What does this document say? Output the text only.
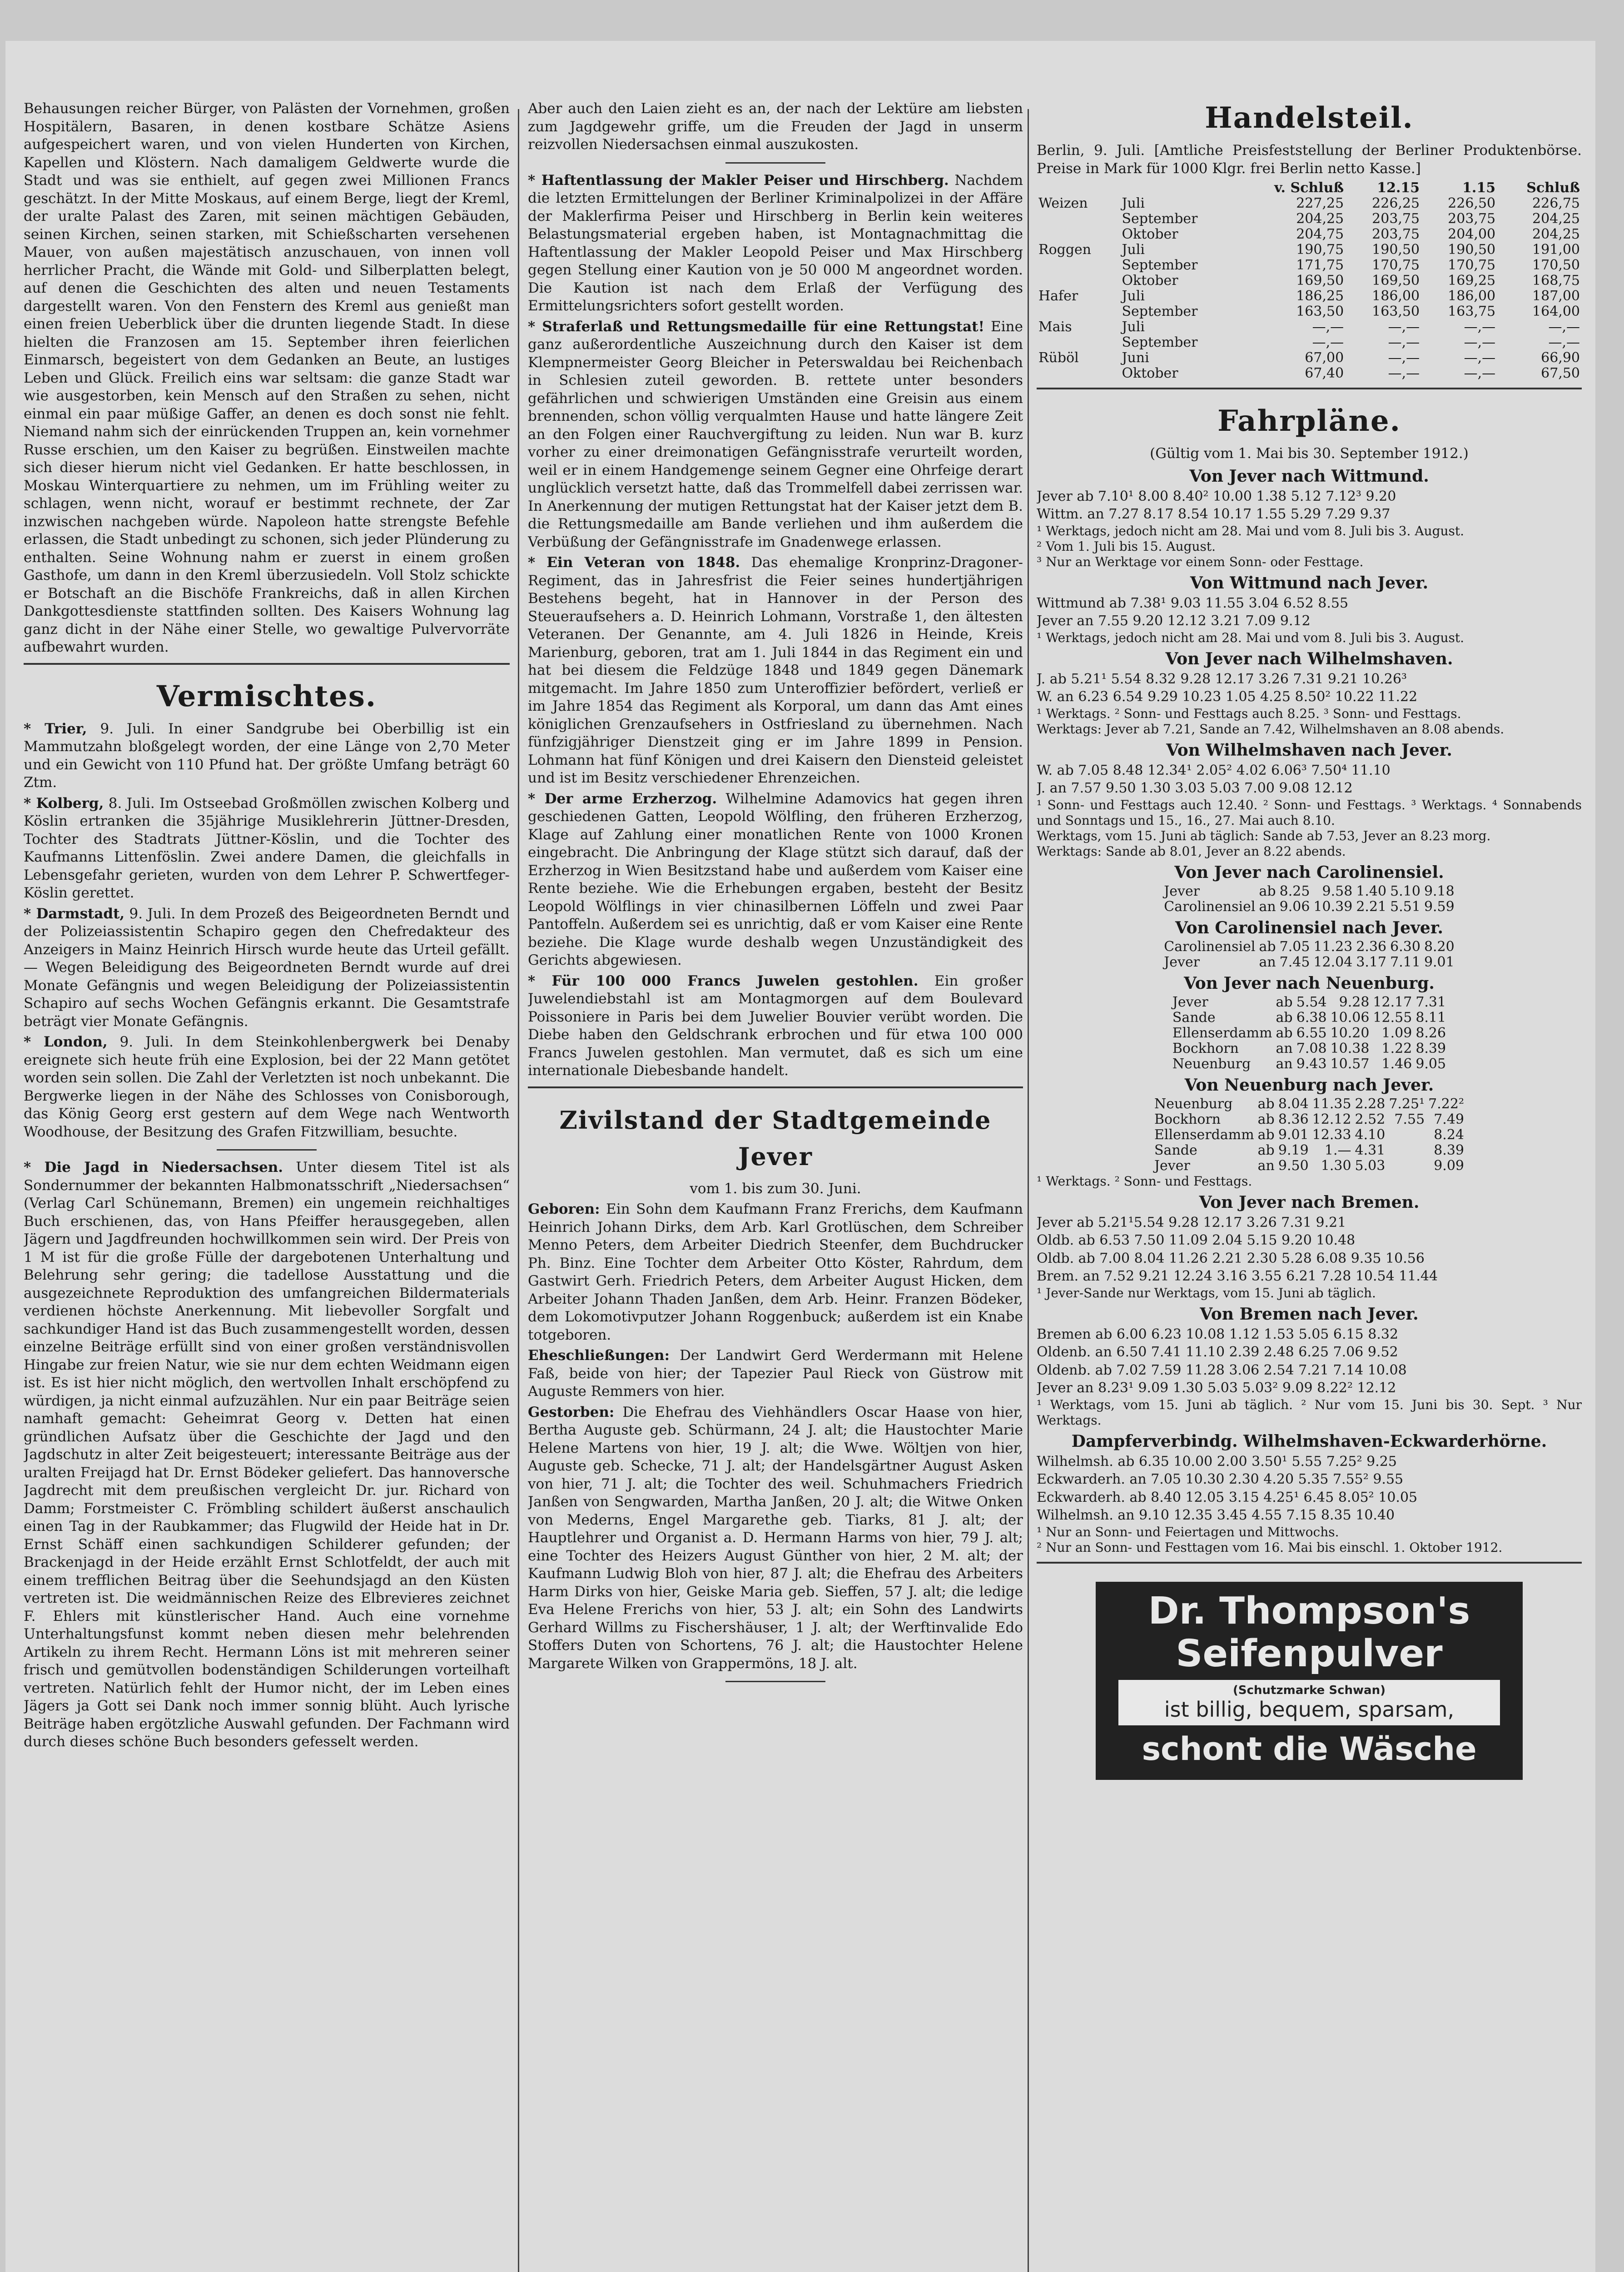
Behausungen reicher Bürger, von Palästen der Vornehmen, großen Hospitälern, Basaren, in denen kostbare Schätze Asiens aufgespeichert waren, und von vielen Hunderten von Kirchen, Kapellen und Klöstern. Nach damaligem Geldwerte wurde die Stadt und was sie enthielt, auf gegen zwei Millionen Francs geschätzt. In der Mitte Moskaus, auf einem Berge, liegt der Kreml, der uralte Palast des Zaren, mit seinen mächtigen Gebäuden, seinen Kirchen, seinen starken, mit Schießscharten versehenen Mauer, von außen majestätisch anzuschauen, von innen voll herrlicher Pracht, die Wände mit Gold- und Silberplatten belegt, auf denen die Geschichten des alten und neuen Testaments dargestellt waren. Von den Fenstern des Kreml aus genießt man einen freien Ueberblick über die drunten liegende Stadt. In diese hielten die Franzosen am 15. September ihren feierlichen Einmarsch, begeistert von dem Gedanken an Beute, an lustiges Leben und Glück. Freilich eins war seltsam: die ganze Stadt war wie ausgestorben, kein Mensch auf den Straßen zu sehen, nicht einmal ein paar müßige Gaffer, an denen es doch sonst nie fehlt. Niemand nahm sich der einrückenden Truppen an, kein vornehmer Russe erschien, um den Kaiser zu begrüßen. Einstweilen machte sich dieser hierum nicht viel Gedanken. Er hatte beschlossen, in Moskau Winterquartiere zu nehmen, um im Frühling weiter zu schlagen, wenn nicht, worauf er bestimmt rechnete, der Zar inzwischen nachgeben würde. Napoleon hatte strengste Befehle erlassen, die Stadt unbedingt zu schonen, sich jeder Plünderung zu enthalten. Seine Wohnung nahm er zuerst in einem großen Gasthofe, um dann in den Kreml überzusiedeln. Voll Stolz schickte er Botschaft an die Bischöfe Frankreichs, daß in allen Kirchen Dankgottesdienste stattfinden sollten. Des Kaisers Wohnung lag ganz dicht in der Nähe einer Stelle, wo gewaltige Pulvervorräte aufbewahrt wurden.

Vermischtes.

* Trier, 9. Juli. In einer Sandgrube bei Oberbillig ist ein Mammutzahn bloßgelegt worden, der eine Länge von 2,70 Meter und ein Gewicht von 110 Pfund hat. Der größte Umfang beträgt 60 Ztm.

* Kolberg, 8. Juli. Im Ostseebad Großmöllen zwischen Kolberg und Köslin ertranken die 35jährige Musiklehrerin Jüttner-Dresden, Tochter des Stadtrats Jüttner-Köslin, und die Tochter des Kaufmanns Littenföslin. Zwei andere Damen, die gleichfalls in Lebensgefahr gerieten, wurden von dem Lehrer P. Schwertfeger-Köslin gerettet.

* Darmstadt, 9. Juli. In dem Prozeß des Beigeordneten Berndt und der Polizeiassistentin Schapiro gegen den Chefredakteur des Anzeigers in Mainz Heinrich Hirsch wurde heute das Urteil gefällt. — Wegen Beleidigung des Beigeordneten Berndt wurde auf drei Monate Gefängnis und wegen Beleidigung der Polizeiassistentin Schapiro auf sechs Wochen Gefängnis erkannt. Die Gesamtstrafe beträgt vier Monate Gefängnis.

* London, 9. Juli. In dem Steinkohlenbergwerk bei Denaby ereignete sich heute früh eine Explosion, bei der 22 Mann getötet worden sein sollen. Die Zahl der Verletzten ist noch unbekannt. Die Bergwerke liegen in der Nähe des Schlosses von Conisborough, das König Georg erst gestern auf dem Wege nach Wentworth Woodhouse, der Besitzung des Grafen Fitzwilliam, besuchte.

* Die Jagd in Niedersachsen. Unter diesem Titel ist als Sondernummer der bekannten Halbmonatsschrift „Niedersachsen“ (Verlag Carl Schünemann, Bremen) ein ungemein reichhaltiges Buch erschienen, das, von Hans Pfeiffer herausgegeben, allen Jägern und Jagdfreunden hochwillkommen sein wird. Der Preis von 1 M ist für die große Fülle der dargebotenen Unterhaltung und Belehrung sehr gering; die tadellose Ausstattung und die ausgezeichnete Reproduktion des umfangreichen Bildermaterials verdienen höchste Anerkennung. Mit liebevoller Sorgfalt und sachkundiger Hand ist das Buch zusammengestellt worden, dessen einzelne Beiträge erfüllt sind von einer großen verständnisvollen Hingabe zur freien Natur, wie sie nur dem echten Weidmann eigen ist. Es ist hier nicht möglich, den wertvollen Inhalt erschöpfend zu würdigen, ja nicht einmal aufzuzählen. Nur ein paar Beiträge seien namhaft gemacht: Geheimrat Georg v. Detten hat einen gründlichen Aufsatz über die Geschichte der Jagd und den Jagdschutz in alter Zeit beigesteuert; interessante Beiträge aus der uralten Freijagd hat Dr. Ernst Bödeker geliefert. Das hannoversche Jagdrecht mit dem preußischen vergleicht Dr. jur. Richard von Damm; Forstmeister C. Frömbling schildert äußerst anschaulich einen Tag in der Raubkammer; das Flugwild der Heide hat in Dr. Ernst Schäff einen sachkundigen Schilderer gefunden; der Brackenjagd in der Heide erzählt Ernst Schlotfeldt, der auch mit einem trefflichen Beitrag über die Seehundsjagd an den Küsten vertreten ist. Die weidmännischen Reize des Elbrevieres zeichnet F. Ehlers mit künstlerischer Hand. Auch eine vornehme Unterhaltungsfunst kommt neben diesen mehr belehrenden Artikeln zu ihrem Recht. Hermann Löns ist mit mehreren seiner frisch und gemütvollen bodenständigen Schilderungen vorteilhaft vertreten. Natürlich fehlt der Humor nicht, der im Leben eines Jägers ja Gott sei Dank noch immer sonnig blüht. Auch lyrische Beiträge haben ergötzliche Auswahl gefunden. Der Fachmann wird durch dieses schöne Buch besonders gefesselt werden.

Aber auch den Laien zieht es an, der nach der Lektüre am liebsten zum Jagdgewehr griffe, um die Freuden der Jagd in unserm reizvollen Niedersachsen einmal auszukosten.

* Haftentlassung der Makler Peiser und Hirschberg. Nachdem die letzten Ermittelungen der Berliner Kriminalpolizei in der Affäre der Maklerfirma Peiser und Hirschberg in Berlin kein weiteres Belastungsmaterial ergeben haben, ist Montagnachmittag die Haftentlassung der Makler Leopold Peiser und Max Hirschberg gegen Stellung einer Kaution von je 50 000 M angeordnet worden. Die Kaution ist nach dem Erlaß der Verfügung des Ermittelungsrichters sofort gestellt worden.

* Straferlaß und Rettungsmedaille für eine Rettungstat! Eine ganz außerordentliche Auszeichnung durch den Kaiser ist dem Klempnermeister Georg Bleicher in Peterswaldau bei Reichenbach in Schlesien zuteil geworden. B. rettete unter besonders gefährlichen und schwierigen Umständen eine Greisin aus einem brennenden, schon völlig verqualmten Hause und hatte längere Zeit an den Folgen einer Rauchvergiftung zu leiden. Nun war B. kurz vorher zu einer dreimonatigen Gefängnisstrafe verurteilt worden, weil er in einem Handgemenge seinem Gegner eine Ohrfeige derart unglücklich versetzt hatte, daß das Trommelfell dabei zerrissen war. In Anerkennung der mutigen Rettungstat hat der Kaiser jetzt dem B. die Rettungsmedaille am Bande verliehen und ihm außerdem die Verbüßung der Gefängnisstrafe im Gnadenwege erlassen.

* Ein Veteran von 1848. Das ehemalige Kronprinz-Dragoner-Regiment, das in Jahresfrist die Feier seines hundertjährigen Bestehens begeht, hat in Hannover in der Person des Steueraufsehers a. D. Heinrich Lohmann, Vorstraße 1, den ältesten Veteranen. Der Genannte, am 4. Juli 1826 in Heinde, Kreis Marienburg, geboren, trat am 1. Juli 1844 in das Regiment ein und hat bei diesem die Feldzüge 1848 und 1849 gegen Dänemark mitgemacht. Im Jahre 1850 zum Unteroffizier befördert, verließ er im Jahre 1854 das Regiment als Korporal, um dann das Amt eines königlichen Grenzaufsehers in Ostfriesland zu übernehmen. Nach fünfzigjähriger Dienstzeit ging er im Jahre 1899 in Pension. Lohmann hat fünf Königen und drei Kaisern den Diensteid geleistet und ist im Besitz verschiedener Ehrenzeichen.

* Der arme Erzherzog. Wilhelmine Adamovics hat gegen ihren geschiedenen Gatten, Leopold Wölfling, den früheren Erzherzog, Klage auf Zahlung einer monatlichen Rente von 1000 Kronen eingebracht. Die Anbringung der Klage stützt sich darauf, daß der Erzherzog in Wien Besitzstand habe und außerdem vom Kaiser eine Rente beziehe. Wie die Erhebungen ergaben, besteht der Besitz Leopold Wölflings in vier chinasilbernen Löffeln und zwei Paar Pantoffeln. Außerdem sei es unrichtig, daß er vom Kaiser eine Rente beziehe. Die Klage wurde deshalb wegen Unzuständigkeit des Gerichts abgewiesen.

* Für 100 000 Francs Juwelen gestohlen. Ein großer Juwelendiebstahl ist am Montagmorgen auf dem Boulevard Poissoniere in Paris bei dem Juwelier Bouvier verübt worden. Die Diebe haben den Geldschrank erbrochen und für etwa 100 000 Francs Juwelen gestohlen. Man vermutet, daß es sich um eine internationale Diebesbande handelt.

Zivilstand der Stadtgemeinde Jever

vom 1. bis zum 30. Juni.

Geboren: Ein Sohn dem Kaufmann Franz Frerichs, dem Kaufmann Heinrich Johann Dirks, dem Arb. Karl Grotlüschen, dem Schreiber Menno Peters, dem Arbeiter Diedrich Steenfer, dem Buchdrucker Ph. Binz. Eine Tochter dem Arbeiter Otto Köster, Rahrdum, dem Gastwirt Gerh. Friedrich Peters, dem Arbeiter August Hicken, dem Arbeiter Johann Thaden Janßen, dem Arb. Heinr. Franzen Bödeker, dem Lokomotivputzer Johann Roggenbuck; außerdem ist ein Knabe totgeboren.

Eheschließungen: Der Landwirt Gerd Werdermann mit Helene Faß, beide von hier; der Tapezier Paul Rieck von Güstrow mit Auguste Remmers von hier.

Gestorben: Die Ehefrau des Viehhändlers Oscar Haase von hier, Bertha Auguste geb. Schürmann, 24 J. alt; die Haustochter Marie Helene Martens von hier, 19 J. alt; die Wwe. Wöltjen von hier, Auguste geb. Schecke, 71 J. alt; der Handelsgärtner August Asken von hier, 71 J. alt; die Tochter des weil. Schuhmachers Friedrich Janßen von Sengwarden, Martha Janßen, 20 J. alt; die Witwe Onken von Mederns, Engel Margarethe geb. Tiarks, 81 J. alt; der Hauptlehrer und Organist a. D. Hermann Harms von hier, 79 J. alt; eine Tochter des Heizers August Günther von hier, 2 M. alt; der Kaufmann Ludwig Bloh von hier, 87 J. alt; die Ehefrau des Arbeiters Harm Dirks von hier, Geiske Maria geb. Sieffen, 57 J. alt; die ledige Eva Helene Frerichs von hier, 53 J. alt; ein Sohn des Landwirts Gerhard Willms zu Fischershäuser, 1 J. alt; der Werftinvalide Edo Stoffers Duten von Schortens, 76 J. alt; die Haustochter Helene Margarete Wilken von Grappermöns, 18 J. alt.

Handelsteil.

Berlin, 9. Juli. [Amtliche Preisfeststellung der Berliner Produktenbörse. Preise in Mark für 1000 Klgr. frei Berlin netto Kasse.]

		v. Schluß	12.15	1.15	Schluß
Weizen	Juli	227,25	226,25	226,50	226,75
	September	204,25	203,75	203,75	204,25
	Oktober	204,75	203,75	204,00	204,25
Roggen	Juli	190,75	190,50	190,50	191,00
	September	171,75	170,75	170,75	170,50
	Oktober	169,50	169,50	169,25	168,75
Hafer	Juli	186,25	186,00	186,00	187,00
	September	163,50	163,50	163,75	164,00
Mais	Juli	—,—	—,—	—,—	—,—
	September	—,—	—,—	—,—	—,—
Rüböl	Juni	67,00	—,—	—,—	66,90
	Oktober	67,40	—,—	—,—	67,50
Fahrpläne.

(Gültig vom 1. Mai bis 30. September 1912.)

Von Jever nach Wittmund.

Jever ab 7.10¹ 8.00 8.40² 10.00 1.38 5.12 7.12³ 9.20

Wittm. an 7.27 8.17 8.54 10.17 1.55 5.29 7.29 9.37

¹ Werktags, jedoch nicht am 28. Mai und vom 8. Juli bis 3. August.

² Vom 1. Juli bis 15. August.

³ Nur an Werktage vor einem Sonn- oder Festtage.

Von Wittmund nach Jever.

Wittmund ab 7.38¹ 9.03 11.55 3.04 6.52 8.55

Jever an 7.55 9.20 12.12 3.21 7.09 9.12

¹ Werktags, jedoch nicht am 28. Mai und vom 8. Juli bis 3. August.

Von Jever nach Wilhelmshaven.

J. ab 5.21¹ 5.54 8.32 9.28 12.17 3.26 7.31 9.21 10.26³

W. an 6.23 6.54 9.29 10.23 1.05 4.25 8.50² 10.22 11.22

¹ Werktags. ² Sonn- und Festtags auch 8.25. ³ Sonn- und Festtags.

Werktags: Jever ab 7.21, Sande an 7.42, Wilhelmshaven an 8.08 abends.

Von Wilhelmshaven nach Jever.

W. ab 7.05 8.48 12.34¹ 2.05² 4.02 6.06³ 7.50⁴ 11.10

J. an 7.57 9.50 1.30 3.03 5.03 7.00 9.08 12.12

¹ Sonn- und Festtags auch 12.40. ² Sonn- und Festtags. ³ Werktags. ⁴ Sonnabends und Sonntags und 15., 16., 27. Mai auch 8.10.

Werktags, vom 15. Juni ab täglich: Sande ab 7.53, Jever an 8.23 morg.

Werktags: Sande ab 8.01, Jever an 8.22 abends.

Von Jever nach Carolinensiel.
Jever	ab	8.25	9.58	1.40	5.10	9.18
Carolinensiel	an	9.06	10.39	2.21	5.51	9.59
Von Carolinensiel nach Jever.
Carolinensiel	ab	7.05	11.23	2.36	6.30	8.20
Jever	an	7.45	12.04	3.17	7.11	9.01
Von Jever nach Neuenburg.
Jever	ab	5.54	9.28	12.17	7.31
Sande	ab	6.38	10.06	12.55	8.11
Ellenserdamm	ab	6.55	10.20	1.09	8.26
Bockhorn	an	7.08	10.38	1.22	8.39
Neuenburg	an	9.43	10.57	1.46	9.05
Von Neuenburg nach Jever.
Neuenburg	ab	8.04	11.35	2.28	7.25¹	7.22²
Bockhorn	ab	8.36	12.12	2.52	7.55	7.49
Ellenserdamm	ab	9.01	12.33	4.10		8.24
Sande	ab	9.19	1.—	4.31		8.39
Jever	an	9.50	1.30	5.03		9.09

¹ Werktags. ² Sonn- und Festtags.

Von Jever nach Bremen.

Jever ab 5.21¹5.54 9.28 12.17 3.26 7.31 9.21

Oldb. ab 6.53 7.50 11.09 2.04 5.15 9.20 10.48

Oldb. ab 7.00 8.04 11.26 2.21 2.30 5.28 6.08 9.35 10.56

Brem. an 7.52 9.21 12.24 3.16 3.55 6.21 7.28 10.54 11.44

¹ Jever-Sande nur Werktags, vom 15. Juni ab täglich.

Von Bremen nach Jever.

Bremen ab 6.00 6.23 10.08 1.12 1.53 5.05 6.15 8.32

Oldenb. an 6.50 7.41 11.10 2.39 2.48 6.25 7.06 9.52

Oldenb. ab 7.02 7.59 11.28 3.06 2.54 7.21 7.14 10.08

Jever an 8.23¹ 9.09 1.30 5.03 5.03² 9.09 8.22² 12.12

¹ Werktags, vom 15. Juni ab täglich. ² Nur vom 15. Juni bis 30. Sept. ³ Nur Werktags.

Dampferverbindg. Wilhelmshaven-Eckwarderhörne.

Wilhelmsh. ab 6.35 10.00 2.00 3.50¹ 5.55 7.25² 9.25

Eckwarderh. an 7.05 10.30 2.30 4.20 5.35 7.55² 9.55

Eckwarderh. ab 8.40 12.05 3.15 4.25¹ 6.45 8.05² 10.05

Wilhelmsh. an 9.10 12.35 3.45 4.55 7.15 8.35 10.40

¹ Nur an Sonn- und Feiertagen und Mittwochs.

² Nur an Sonn- und Festtagen vom 16. Mai bis einschl. 1. Oktober 1912.

Dr. Thompson's
Seifenpulver
(Schutzmarke Schwan)
ist billig, bequem, sparsam,
schont die Wäsche
